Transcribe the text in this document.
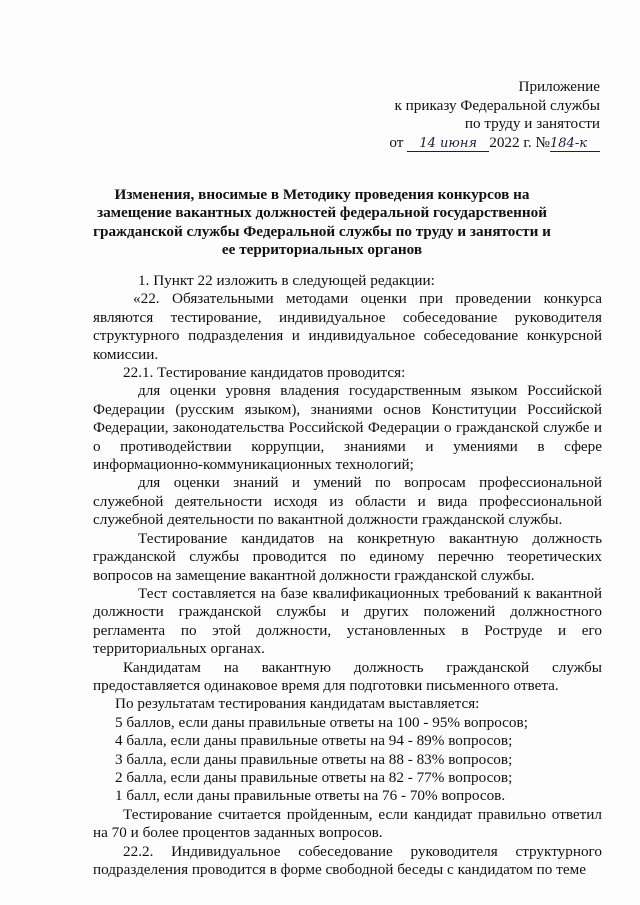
Приложение
к приказу Федеральной службы
по труду и занятости
от 14 июня 2022 г. №184-к
Изменения, вносимые в Методику проведения конкурсов на замещение вакантных должностей федеральной государственной гражданской службы Федеральной службы по труду и занятости и ее территориальных органов

1. Пункт 22 изложить в следующей редакции:

«22. Обязательными методами оценки при проведении конкурса являются тестирование, индивидуальное собеседование руководителя структурного подразделения и индивидуальное собеседование конкурсной комиссии.

22.1. Тестирование кандидатов проводится:

для оценки уровня владения государственным языком Российской Федерации (русским языком), знаниями основ Конституции Российской Федерации, законодательства Российской Федерации о гражданской службе и о противодействии коррупции, знаниями и умениями в сфере информационно-коммуникационных технологий;

для оценки знаний и умений по вопросам профессиональной служебной деятельности исходя из области и вида профессиональной служебной деятельности по вакантной должности гражданской службы.

Тестирование кандидатов на конкретную вакантную должность гражданской службы проводится по единому перечню теоретических вопросов на замещение вакантной должности гражданской службы.

Тест составляется на базе квалификационных требований к вакантной должности гражданской службы и других положений должностного регламента по этой должности, установленных в Роструде и его территориальных органах.

Кандидатам на вакантную должность гражданской службы предоставляется одинаковое время для подготовки письменного ответа.

По результатам тестирования кандидатам выставляется:

5 баллов, если даны правильные ответы на 100 - 95% вопросов;

4 балла, если даны правильные ответы на 94 - 89% вопросов;

3 балла, если даны правильные ответы на 88 - 83% вопросов;

2 балла, если даны правильные ответы на 82 - 77% вопросов;

1 балл, если даны правильные ответы на 76 - 70% вопросов.

Тестирование считается пройденным, если кандидат правильно ответил на 70 и более процентов заданных вопросов.

22.2. Индивидуальное собеседование руководителя структурного подразделения проводится в форме свободной беседы с кандидатом по теме
